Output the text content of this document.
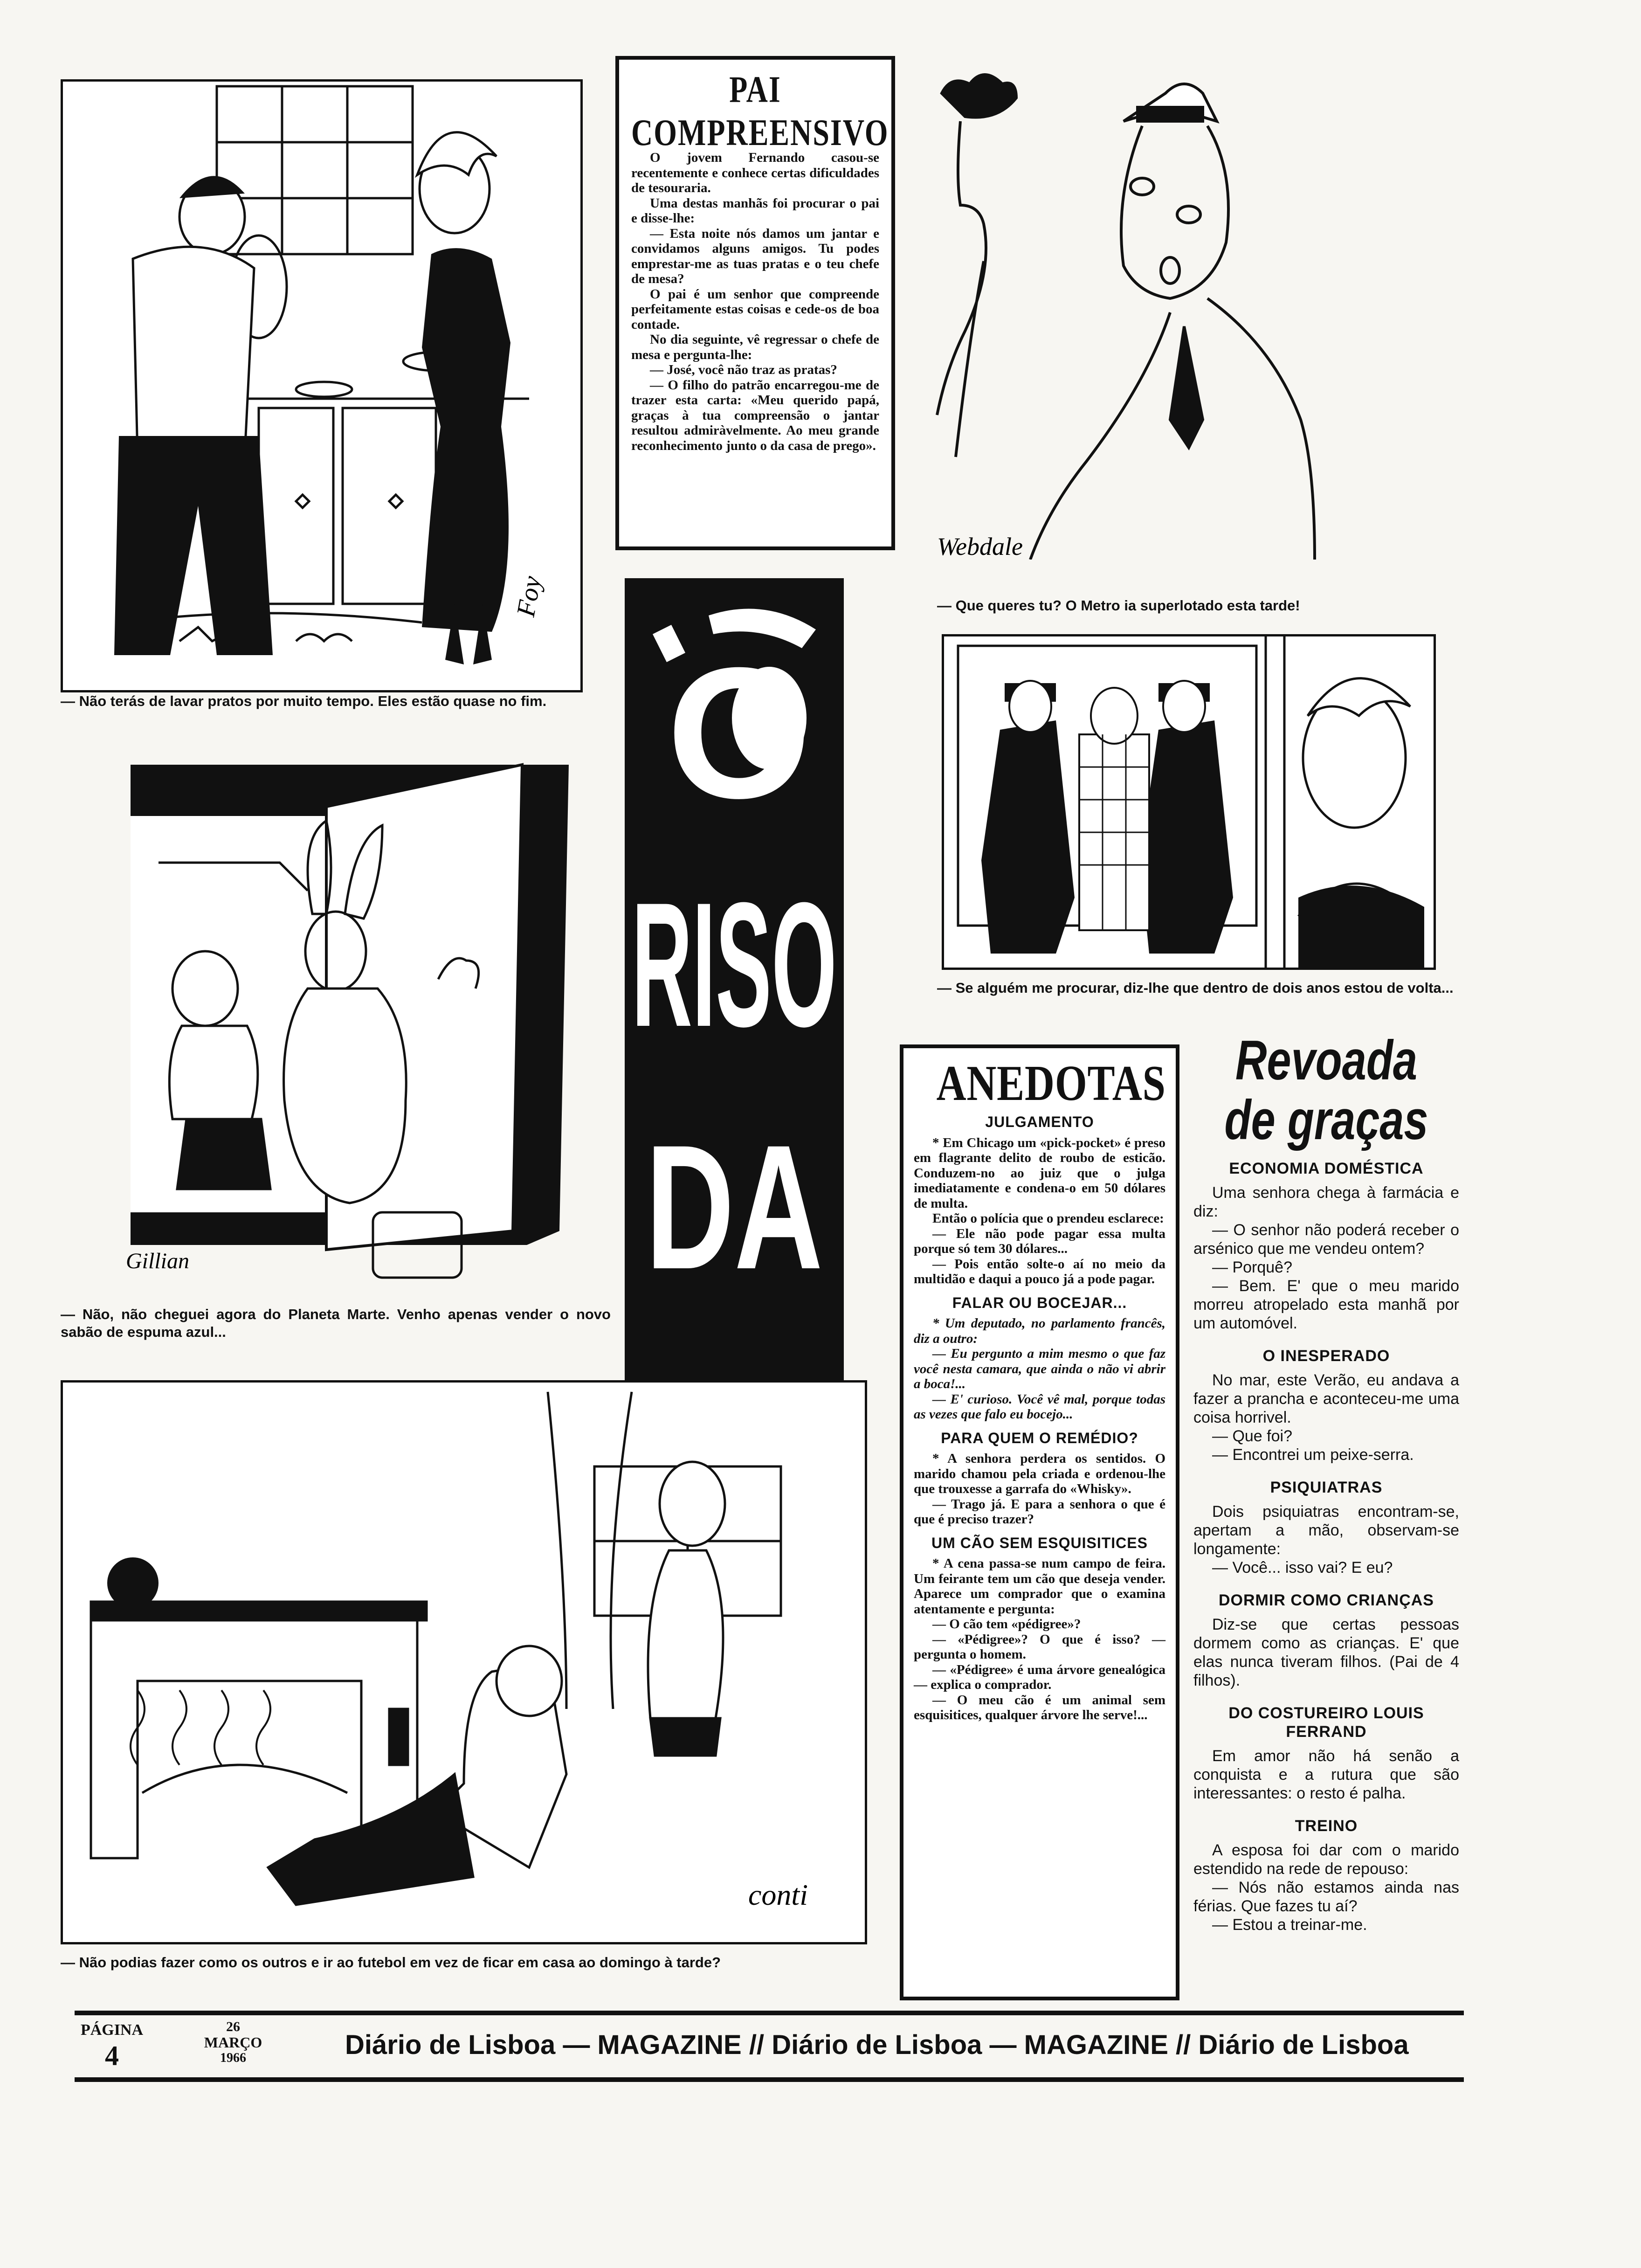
Foy
— Não terás de lavar pratos por muito tempo. Eles estão quase no fim.
PAI COMPREENSIVO

O jovem Fernando casou-se recentemente e conhece certas dificuldades de tesouraria.

Uma destas manhãs foi procurar o pai e disse-lhe:

— Esta noite nós damos um jantar e convidamos alguns amigos. Tu podes emprestar-me as tuas pratas e o teu chefe de mesa?

O pai é um senhor que compreende perfeitamente estas coisas e cede-os de boa contade.

No dia seguinte, vê regressar o chefe de mesa e pergunta-lhe:

— José, você não traz as pratas?

— O filho do patrão encarregou-me de trazer esta carta: «Meu querido papá, graças à tua compreensão o jantar resultou admiràvelmente. Ao meu grande reconhecimento junto o da casa de prego».

Webdale
— Que queres tu? O Metro ia superlotado esta tarde!
O
RISO
DA
— Se alguém me procurar, diz-lhe que dentro de dois anos estou de volta...
Gillian
— Não, não cheguei agora do Planeta Marte. Venho apenas vender o novo sabão de espuma azul...
conti
— Não podias fazer como os outros e ir ao futebol em vez de ficar em casa ao domingo à tarde?
ANEDOTAS
JULGAMENTO

* Em Chicago um «pick-pocket» é preso em flagrante delito de roubo de esticão. Conduzem-no ao juiz que o julga imediatamente e condena-o em 50 dólares de multa.

Então o polícia que o prendeu esclarece:

— Ele não pode pagar essa multa porque só tem 30 dólares...

— Pois então solte-o aí no meio da multidão e daqui a pouco já a pode pagar.

FALAR OU BOCEJAR...

* Um deputado, no parlamento francês, diz a outro:

— Eu pergunto a mim mesmo o que faz você nesta camara, que ainda o não vi abrir a boca!...

— E' curioso. Você vê mal, porque todas as vezes que falo eu bocejo...

PARA QUEM O REMÉDIO?

* A senhora perdera os sentidos. O marido chamou pela criada e ordenou-lhe que trouxesse a garrafa do «Whisky».

— Trago já. E para a senhora o que é que é preciso trazer?

UM CÃO SEM ESQUISITICES

* A cena passa-se num campo de feira. Um feirante tem um cão que deseja vender. Aparece um comprador que o examina atentamente e pergunta:

— O cão tem «pédigree»?

— «Pédigree»? O que é isso? — pergunta o homem.

— «Pédigree» é uma árvore genealógica — explica o comprador.

— O meu cão é um animal sem esquisitices, qualquer árvore lhe serve!...

Revoada
de graças
ECONOMIA DOMÉSTICA

Uma senhora chega à farmácia e diz:

— O senhor não poderá receber o arsénico que me vendeu ontem?

— Porquê?

— Bem. E' que o meu marido morreu atropelado esta manhã por um automóvel.

O INESPERADO

No mar, este Verão, eu andava a fazer a prancha e aconteceu-me uma coisa horrivel.

— Que foi?

— Encontrei um peixe-serra.

PSIQUIATRAS

Dois psiquiatras encontram-se, apertam a mão, observam-se longamente:

— Você... isso vai? E eu?

DORMIR COMO CRIANÇAS

Diz-se que certas pessoas dormem como as crianças. E' que elas nunca tiveram filhos. (Pai de 4 filhos).

DO COSTUREIRO LOUIS FERRAND

Em amor não há senão a conquista e a rutura que são interessantes: o resto é palha.

TREINO

A esposa foi dar com o marido estendido na rede de repouso:

— Nós não estamos ainda nas férias. Que fazes tu aí?

— Estou a treinar-me.

PÁGINA
4
26
MARÇO
1966	Diário de Lisboa — MAGAZINE // Diário de Lisboa — MAGAZINE // Diário de Lisboa
